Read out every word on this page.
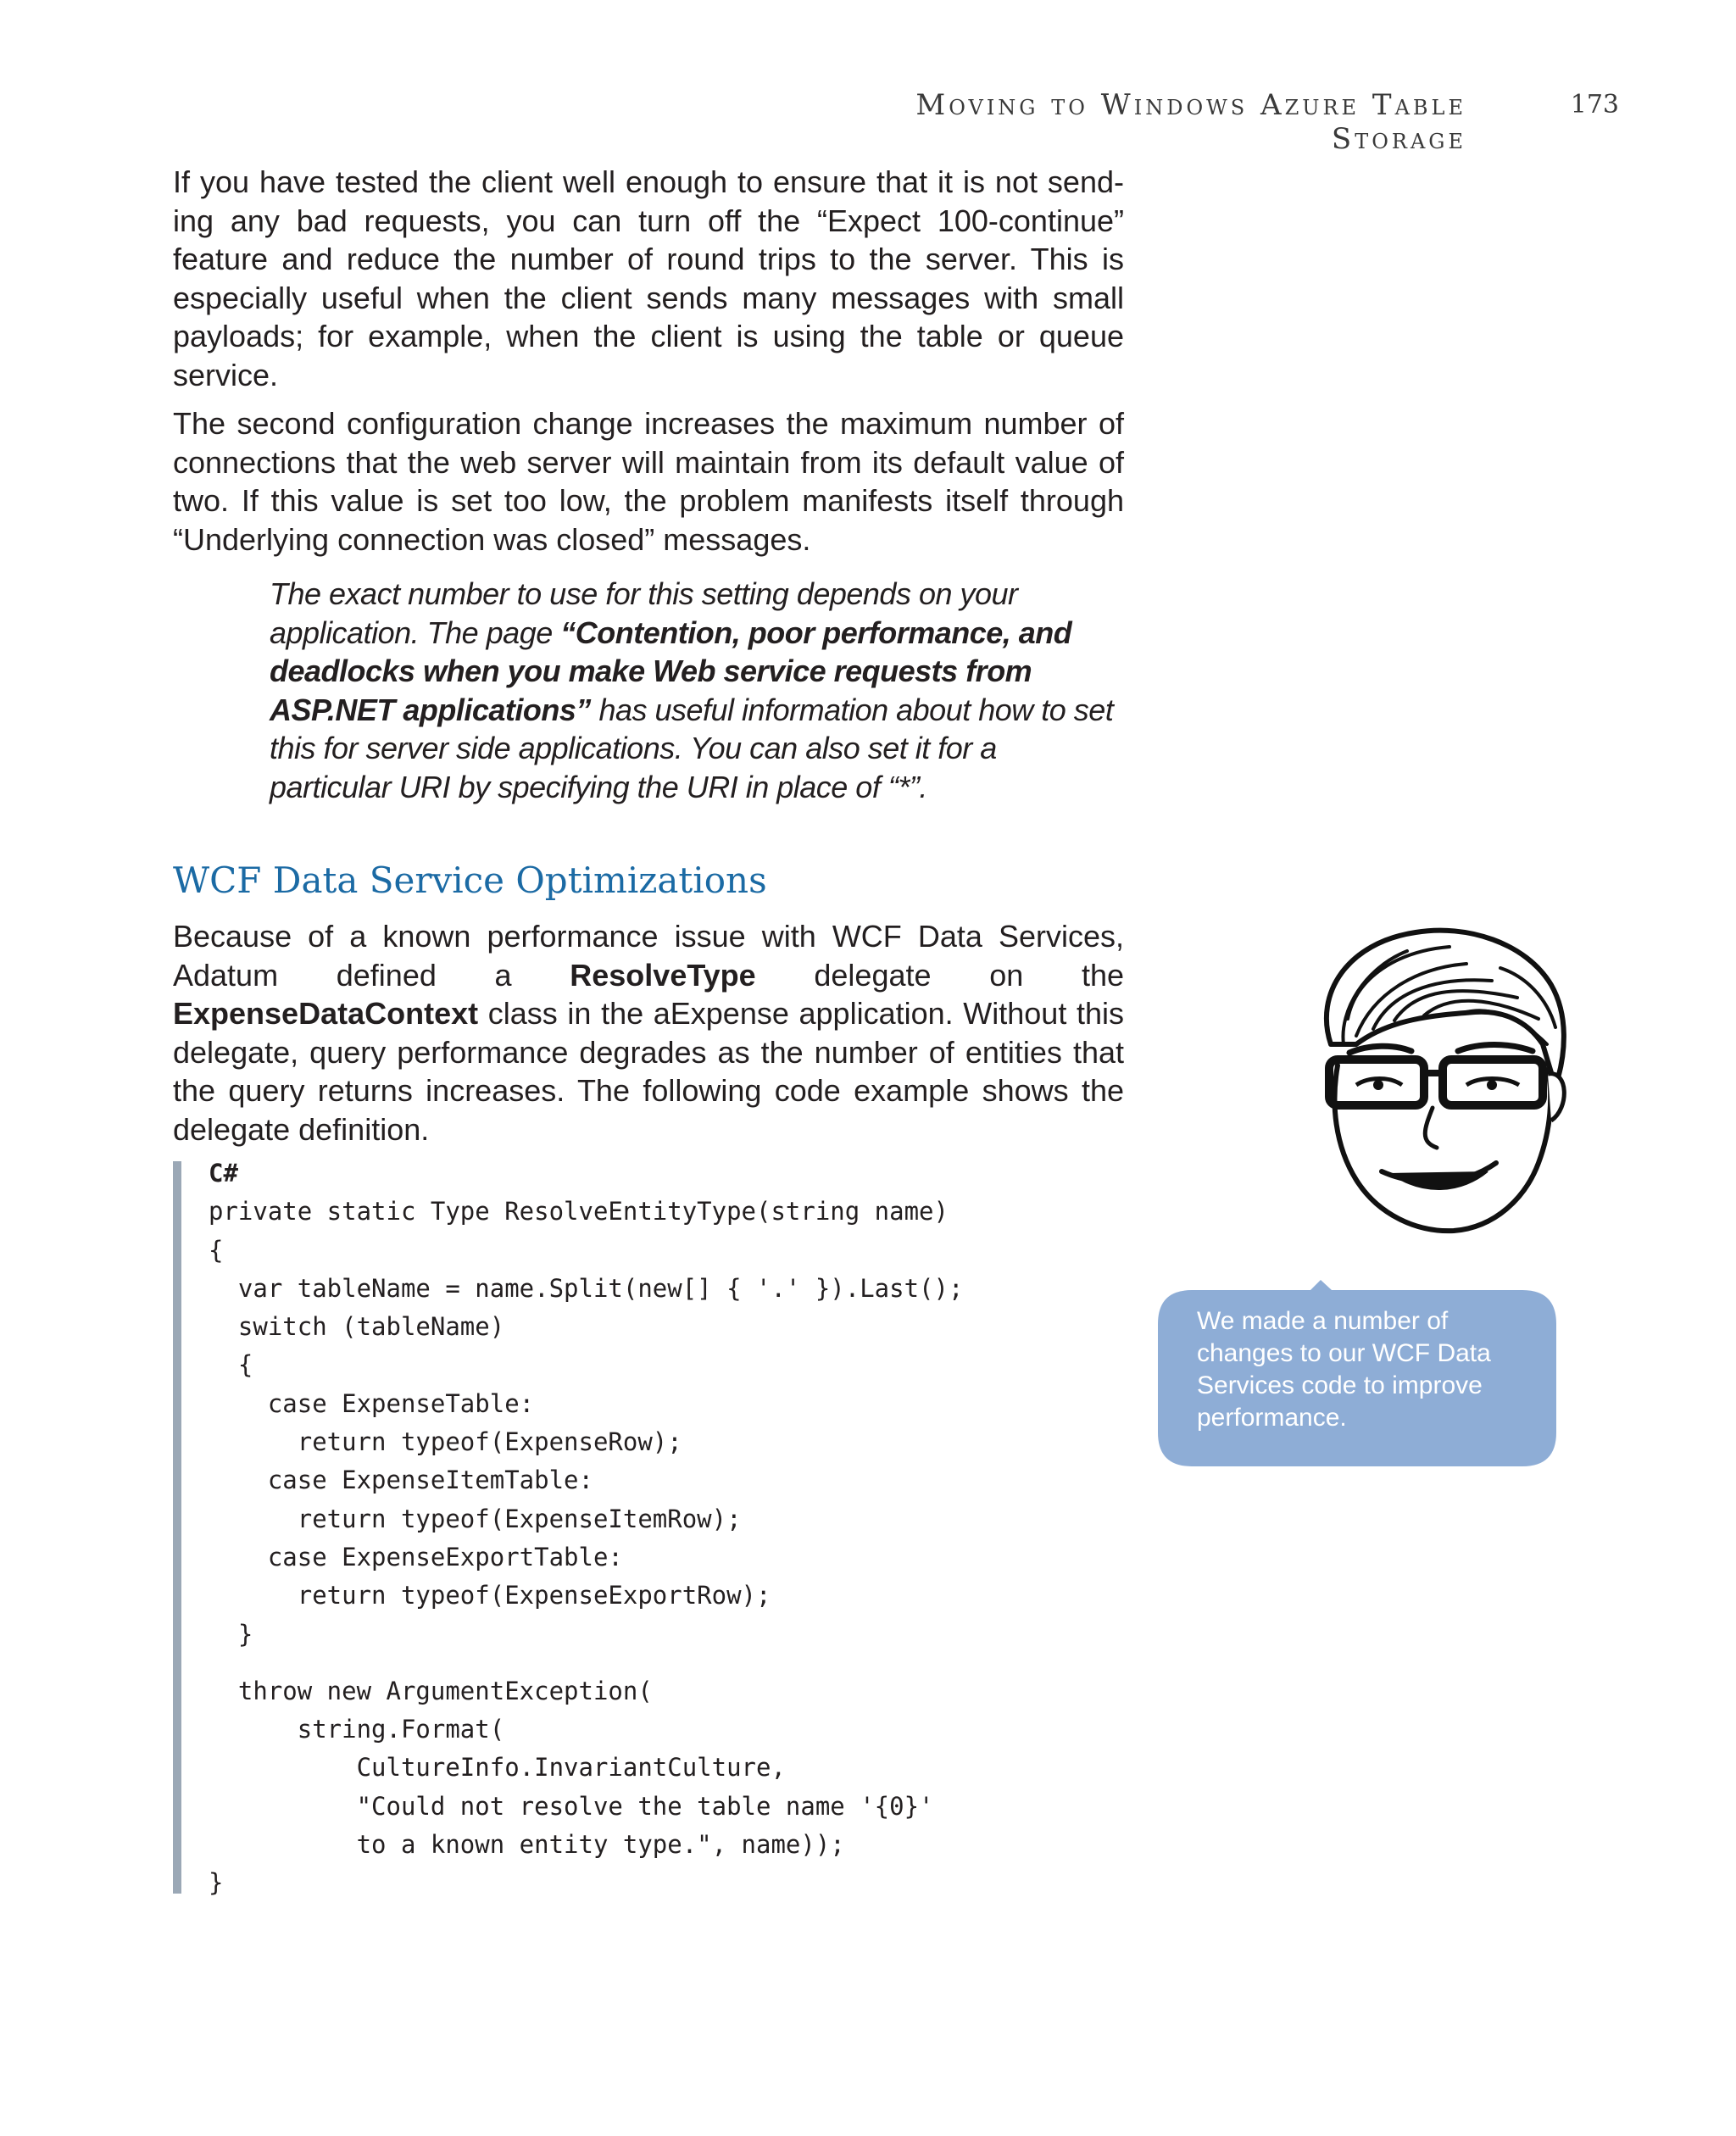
Moving to Windows Azure Table Storage
173

If you have tested the client well enough to ensure that it is not sending any bad requests, you can turn off the “Expect 100-continue” feature and reduce the number of round trips to the server. This is especially useful when the client sends many messages with small payloads; for example, when the client is using the table or queue service.

The second configuration change increases the maximum number of connections that the web server will maintain from its default value of two. If this value is set too low, the problem manifests itself through “Underlying connection was closed” messages.

The exact number to use for this setting depends on your application. The page “Contention, poor performance, and deadlocks when you make Web service requests from ASP.NET applications” has useful information about how to set this for server side applications. You can also set it for a particular URI by specifying the URI in place of “*”.

WCF Data Service Optimizations

Because of a known performance issue with WCF Data Services, Adatum defined a ResolveType delegate on the ExpenseDataContext class in the aExpense application. Without this delegate, query performance degrades as the number of entities that the query returns increases. The following code example shows the delegate definition.

C#
private static Type ResolveEntityType(string name)
{
var tableName = name.Split(new[] { '.' }).Last();
switch (tableName)
{
case ExpenseTable:
return typeof(ExpenseRow);
case ExpenseItemTable:
return typeof(ExpenseItemRow);
case ExpenseExportTable:
return typeof(ExpenseExportRow);
}
throw new ArgumentException(
string.Format(
CultureInfo.InvariantCulture,
"Could not resolve the table name '{0}'
to a known entity type.", name));
}

We made a number of changes to our WCF Data Services code to improve performance.
